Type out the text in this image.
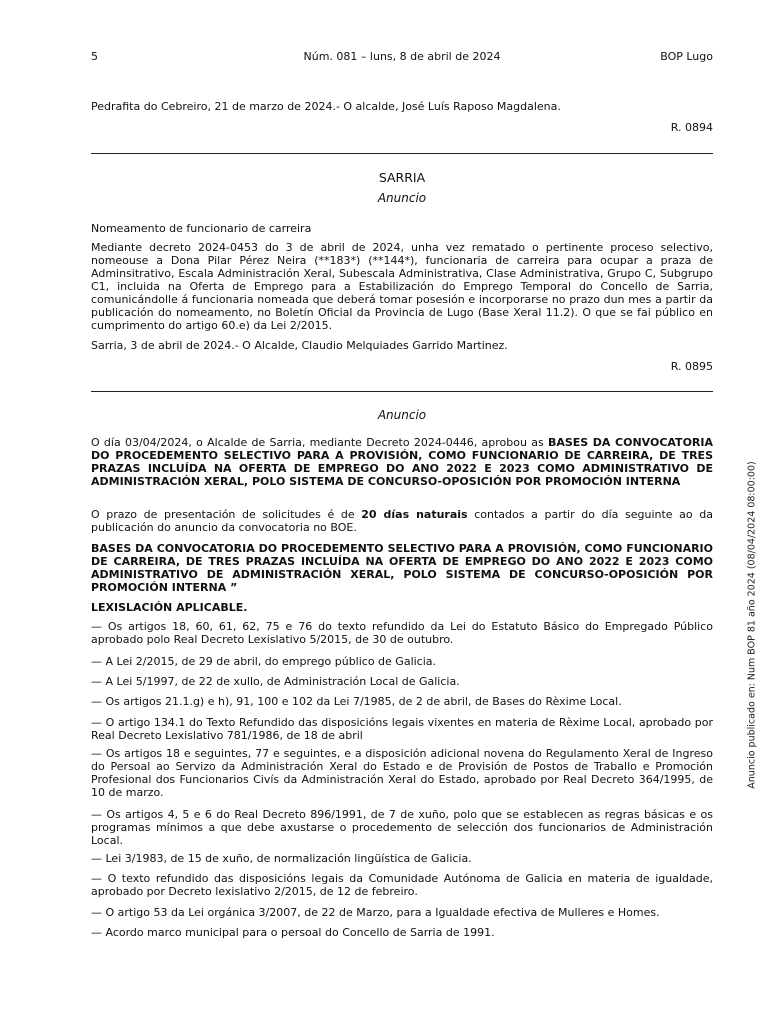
5	Núm. 081 – luns, 8 de abril de 2024	BOP Lugo
Pedrafita do Cebreiro, 21 de marzo de 2024.- O alcalde, José Luís Raposo Magdalena.
R. 0894
SARRIA
Anuncio
Nomeamento de funcionario de carreira
Mediante decreto 2024-0453 do 3 de abril de 2024, unha vez rematado o pertinente proceso selectivo, nomeouse a Dona Pilar Pérez Neira (**183*) (**144*), funcionaria de carreira para ocupar a praza de Adminsitrativo, Escala Administración Xeral, Subescala Administrativa, Clase Administrativa, Grupo C, Subgrupo C1, incluida na Oferta de Emprego para a Estabilización do Emprego Temporal do Concello de Sarria, comunicándolle á funcionaria nomeada que deberá tomar posesión e incorporarse no prazo dun mes a partir da publicación do nomeamento, no Boletín Oficial da Provincia de Lugo (Base Xeral 11.2). O que se fai público en cumprimento do artigo 60.e) da Lei 2/2015.
Sarria, 3 de abril de 2024.- O Alcalde, Claudio Melquiades Garrido Martinez.
R. 0895
Anuncio
O día 03/04/2024, o Alcalde de Sarria, mediante Decreto 2024-0446, aprobou as BASES DA CONVOCATORIA DO PROCEDEMENTO SELECTIVO PARA A PROVISIÓN, COMO FUNCIONARIO DE CARREIRA, DE TRES PRAZAS INCLUÍDA NA OFERTA DE EMPREGO DO ANO 2022 E 2023 COMO ADMINISTRATIVO DE ADMINISTRACIÓN XERAL, POLO SISTEMA DE CONCURSO-OPOSICIÓN POR PROMOCIÓN INTERNA
O prazo de presentación de solicitudes é de 20 días naturais contados a partir do día seguinte ao da publicación do anuncio da convocatoria no BOE.
BASES DA CONVOCATORIA DO PROCEDEMENTO SELECTIVO PARA A PROVISIÓN, COMO FUNCIONARIO DE CARREIRA, DE TRES PRAZAS INCLUÍDA NA OFERTA DE EMPREGO DO ANO 2022 E 2023 COMO ADMINISTRATIVO DE ADMINISTRACIÓN XERAL, POLO SISTEMA DE CONCURSO-OPOSICIÓN POR PROMOCIÓN INTERNA ”
LEXISLACIÓN APLICABLE.
— Os artigos 18, 60, 61, 62, 75 e 76 do texto refundido da Lei do Estatuto Básico do Empregado Público aprobado polo Real Decreto Lexislativo 5/2015, de 30 de outubro.
— A Lei 2/2015, de 29 de abril, do emprego público de Galicia.
— A Lei 5/1997, de 22 de xullo, de Administración Local de Galicia.
— Os artigos 21.1.g) e h), 91, 100 e 102 da Lei 7/1985, de 2 de abril, de Bases do Rèxime Local.
— O artigo 134.1 do Texto Refundido das disposicións legais vixentes en materia de Rèxime Local, aprobado por Real Decreto Lexislativo 781/1986, de 18 de abril
— Os artigos 18 e seguintes, 77 e seguintes, e a disposición adicional novena do Regulamento Xeral de Ingreso do Persoal ao Servizo da Administración Xeral do Estado e de Provisión de Postos de Traballo e Promoción Profesional dos Funcionarios Civís da Administración Xeral do Estado, aprobado por Real Decreto 364/1995, de 10 de marzo.
— Os artigos 4, 5 e 6 do Real Decreto 896/1991, de 7 de xuño, polo que se establecen as regras básicas e os programas mínimos a que debe axustarse o procedemento de selección dos funcionarios de Administración Local.
— Lei 3/1983, de 15 de xuño, de normalización lingüística de Galicia.
— O texto refundido das disposicións legais da Comunidade Autónoma de Galicia en materia de igualdade, aprobado por Decreto lexislativo 2/2015, de 12 de febreiro.
— O artigo 53 da Lei orgánica 3/2007, de 22 de Marzo, para a Igualdade efectiva de Mulleres e Homes.
— Acordo marco municipal para o persoal do Concello de Sarria de 1991.
Anuncio publicado en: Num BOP 81 año 2024 (08/04/2024 08:00:00)
